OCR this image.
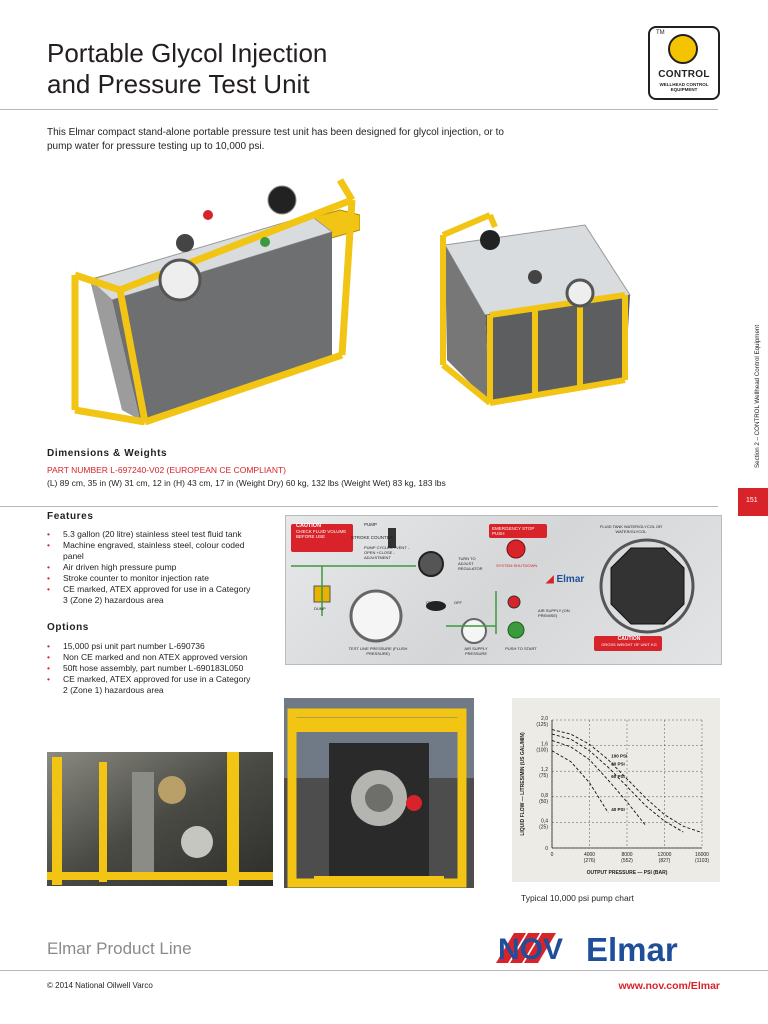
Portable Glycol Injection
and Pressure Test Unit
TM
CONTROL
WELLHEAD CONTROL EQUIPMENT
This Elmar compact stand-alone portable pressure test unit has been designed for glycol injection, or to pump water for pressure testing up to 10,000 psi.
Dimensions & Weights
PART NUMBER L-697240-V02 (EUROPEAN CE COMPLIANT)
(L) 89 cm, 35 in (W) 31 cm, 12 in (H) 43 cm, 17 in (Weight Dry) 60 kg, 132 lbs (Weight Wet) 83 kg, 183 lbs
Features
• 5.3 gallon (20 litre) stainless steel test fluid tank
• Machine engraved, stainless steel, colour coded panel
• Air driven high pressure pump
• Stroke counter to monitor injection rate
• CE marked, ATEX approved for use in a Category 3 (Zone 2) hazardous area
Options
• 15,000 psi unit part number L-690736
• Non CE marked and non ATEX approved version
• 50ft hose assembly, part number L-690183L050
• CE marked, ATEX approved for use in a Category 2 (Zone 1) hazardous area
Section 2 – CONTROL Wellhead Control Equipment
151
CAUTION
CHECK FLUID VOLUME BEFORE USE
PUMP
STROKE COUNTER
PUMP CYCLES +VENT -OPEN +CLOSE -ADJUSTMENT
EMERGENCY STOP PUSH
TURN TO ADJUST REGULATOR
SYSTEM SHUTDOWN
FLUID TANK WATER/GLYCOL OR WATER/GLYCOL
DUMP
ON	OFF
AIR SUPPLY (ON PREMISE)
TEST LINE PRESSURE (FLUSH PRESSURE)
AIR SUPPLY PRESSURE
PUSH TO START
CAUTION
GROSS WEIGHT OF UNIT KG
◢ Elmar
0
0,4
(25)
0,8
(50)
1,2
(75)
1,6
(100)
2,0
(125)
0	4000
(276)
8000
(552)
12000
(827)
16000
(1103)
OUTPUT PRESSURE — PSI (BAR)
LIQUID FLOW — LITRES/MIN (US GAL/MIN)	100 PSI
80 PSI
60 PSI
40 PSI
Typical 10,000 psi pump chart
Elmar Product Line	NOV Elmar
© 2014 National Oilwell Varco	www.nov.com/Elmar
